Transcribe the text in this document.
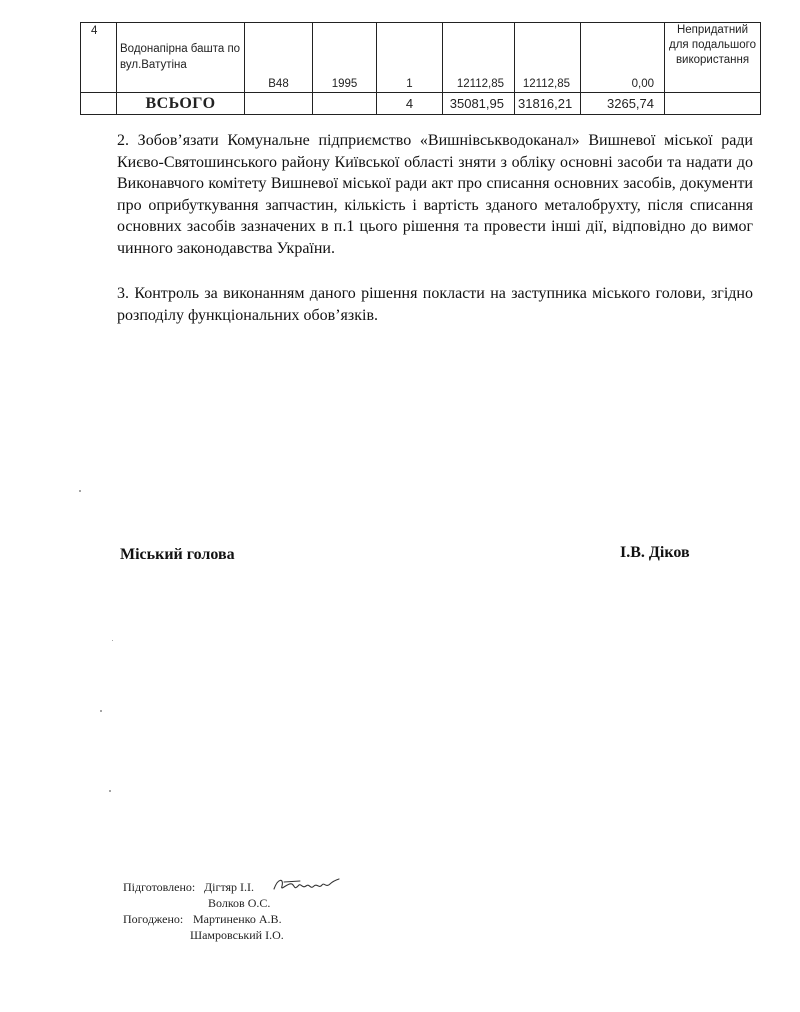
4	Водонапірна башта по вул.Ватутіна	В48	1995	1	12112,85	12112,85	0,00	Непридатний для подальшого використання
	ВСЬОГО			4	35081,95	31816,21	3265,74	

2. Зобов’язати Комунальне підприємство «Вишнівськводоканал» Вишневої міської ради Києво-Святошинського району Київської області зняти з обліку основні засоби та надати до Виконавчого комітету Вишневої міської ради акт про списання основних засобів, документи про оприбуткування запчастин, кількість і вартість зданого металобрухту, після списання основних засобів зазначених в п.1 цього рішення та провести інші дії, відповідно до вимог чинного законодавства України.

3. Контроль за виконанням даного рішення покласти на заступника міського голови, згідно розподілу функціональних обов’язків.

Міський голова	І.В. Діков
Підготовлено: Дігтяр І.І.
Волков О.С.
Погоджено: Мартиненко А.В.
Шамровський І.О.
